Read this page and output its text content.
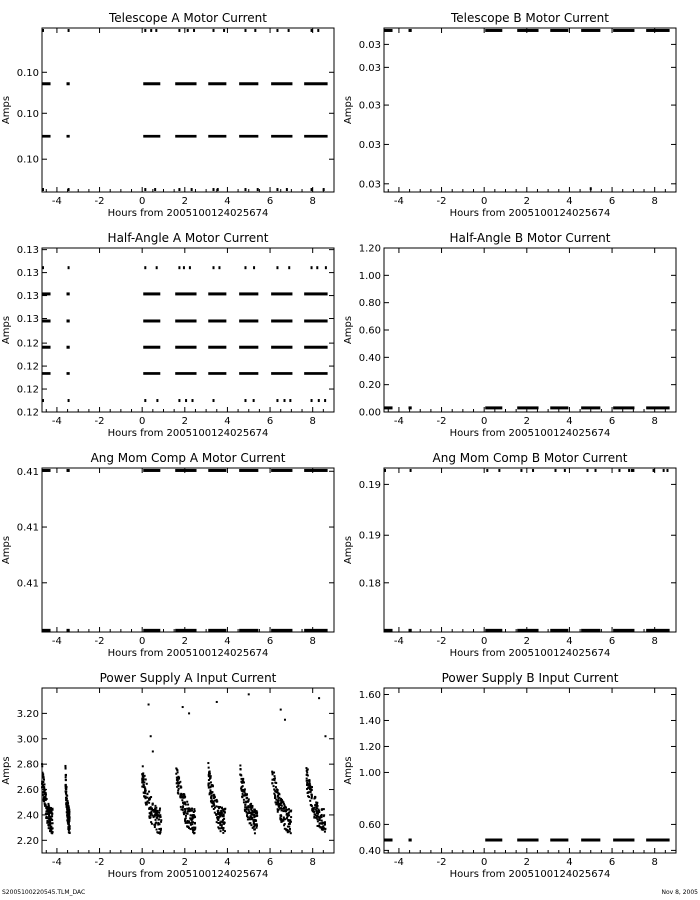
Telescope A Motor Current
-4	-2	0	2	4	6	8
0.10
0.10
0.10
Hours from 2005100124025674
Amps
Telescope B Motor Current
-4	-2	0	2	4	6	8
0.03
0.03
0.03
0.03
0.03
Hours from 2005100124025674
Amps
Half-Angle A Motor Current
-4	-2	0	2	4	6	8
0.12
0.12
0.12
0.12
0.13
0.13
0.13
0.13
Hours from 2005100124025674
Amps
Half-Angle B Motor Current
-4	-2	0	2	4	6	8
0.00
0.20
0.40
0.60
0.80
1.00
1.20
Hours from 2005100124025674
Amps
Ang Mom Comp A Motor Current
-4	-2	0	2	4	6	8
0.41
0.41
0.41
Hours from 2005100124025674
Amps
Ang Mom Comp B Motor Current
-4	-2	0	2	4	6	8
0.18
0.19
0.19
Hours from 2005100124025674
Amps
Power Supply A Input Current
-4	-2	0	2	4	6	8
2.20
2.40
2.60
2.80
3.00
3.20
Hours from 2005100124025674
Amps
Power Supply B Input Current
-4	-2	0	2	4	6	8
0.40
0.60
1.00
1.20
1.40
1.60
Hours from 2005100124025674
Amps
S2005100220545.TLM_DAC	Nov 8, 2005
